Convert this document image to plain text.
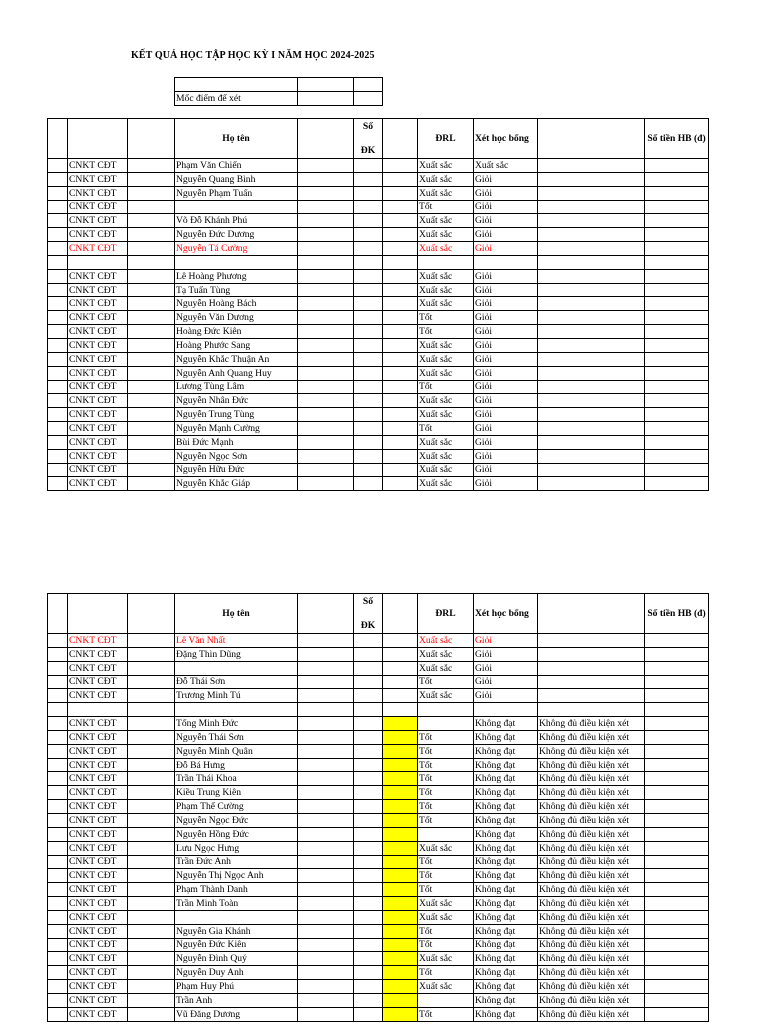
KẾT QUẢ HỌC TẬP HỌC KỲ I NĂM HỌC 2024-2025

Mốc điểm để xét		
			Họ tên		Số
ĐK		ĐRL	Xét học bổng		Số tiền HB (đ)
	CNKT CĐT		Phạm Văn Chiến				Xuất sắc	Xuất sắc		
	CNKT CĐT		Nguyễn Quang Bình				Xuất sắc	Giỏi		
	CNKT CĐT		Nguyễn Phạm Tuấn				Xuất sắc	Giỏi		
	CNKT CĐT						Tốt	Giỏi		
	CNKT CĐT		Võ Đỗ Khánh Phú				Xuất sắc	Giỏi		
	CNKT CĐT		Nguyễn Đức Dương				Xuất sắc	Giỏi		
	CNKT CĐT		Nguyễn Tá Cường				Xuất sắc	Giỏi		

	CNKT CĐT		Lê Hoàng Phương				Xuất sắc	Giỏi		
	CNKT CĐT		Tạ Tuấn Tùng				Xuất sắc	Giỏi		
	CNKT CĐT		Nguyễn Hoàng Bách				Xuất sắc	Giỏi		
	CNKT CĐT		Nguyễn Văn Dương				Tốt	Giỏi		
	CNKT CĐT		Hoàng Đức Kiên				Tốt	Giỏi		
	CNKT CĐT		Hoàng Phước Sang				Xuất sắc	Giỏi		
	CNKT CĐT		Nguyễn Khắc Thuận An				Xuất sắc	Giỏi		
	CNKT CĐT		Nguyễn Anh Quang Huy				Xuất sắc	Giỏi		
	CNKT CĐT		Lương Tùng Lâm				Tốt	Giỏi		
	CNKT CĐT		Nguyễn Nhân Đức				Xuất sắc	Giỏi		
	CNKT CĐT		Nguyễn Trung Tùng				Xuất sắc	Giỏi		
	CNKT CĐT		Nguyễn Mạnh Cường				Tốt	Giỏi		
	CNKT CĐT		Bùi Đức Mạnh				Xuất sắc	Giỏi		
	CNKT CĐT		Nguyễn Ngọc Sơn				Xuất sắc	Giỏi		
	CNKT CĐT		Nguyễn Hữu Đức				Xuất sắc	Giỏi		
	CNKT CĐT		Nguyễn Khắc Giáp				Xuất sắc	Giỏi		
			Họ tên		Số
ĐK		ĐRL	Xét học bổng		Số tiền HB (đ)
	CNKT CĐT		Lê Văn Nhất				Xuất sắc	Giỏi		
	CNKT CĐT		Đặng Thìn Dũng				Xuất sắc	Giỏi		
	CNKT CĐT						Xuất sắc	Giỏi		
	CNKT CĐT		Đỗ Thái Sơn				Tốt	Giỏi		
	CNKT CĐT		Trương Minh Tú				Xuất sắc	Giỏi		

	CNKT CĐT		Tống Minh Đức					Không đạt	Không đủ điều kiện xét	
	CNKT CĐT		Nguyễn Thái Sơn				Tốt	Không đạt	Không đủ điều kiện xét	
	CNKT CĐT		Nguyễn Minh Quân				Tốt	Không đạt	Không đủ điều kiện xét	
	CNKT CĐT		Đỗ Bá Hưng				Tốt	Không đạt	Không đủ điều kiện xét	
	CNKT CĐT		Trần Thái Khoa				Tốt	Không đạt	Không đủ điều kiện xét	
	CNKT CĐT		Kiều Trung Kiên				Tốt	Không đạt	Không đủ điều kiện xét	
	CNKT CĐT		Phạm Thế Cường				Tốt	Không đạt	Không đủ điều kiện xét	
	CNKT CĐT		Nguyễn Ngọc Đức				Tốt	Không đạt	Không đủ điều kiện xét	
	CNKT CĐT		Nguyễn Hồng Đức					Không đạt	Không đủ điều kiện xét	
	CNKT CĐT		Lưu Ngọc Hưng				Xuất sắc	Không đạt	Không đủ điều kiện xét	
	CNKT CĐT		Trần Đức Anh				Tốt	Không đạt	Không đủ điều kiện xét	
	CNKT CĐT		Nguyễn Thị Ngọc Anh				Tốt	Không đạt	Không đủ điều kiện xét	
	CNKT CĐT		Phạm Thành Danh				Tốt	Không đạt	Không đủ điều kiện xét	
	CNKT CĐT		Trần Minh Toàn				Xuất sắc	Không đạt	Không đủ điều kiện xét	
	CNKT CĐT						Xuất sắc	Không đạt	Không đủ điều kiện xét	
	CNKT CĐT		Nguyễn Gia Khánh				Tốt	Không đạt	Không đủ điều kiện xét	
	CNKT CĐT		Nguyễn Đức Kiên				Tốt	Không đạt	Không đủ điều kiện xét	
	CNKT CĐT		Nguyễn Đình Quý				Xuất sắc	Không đạt	Không đủ điều kiện xét	
	CNKT CĐT		Nguyễn Duy Anh				Tốt	Không đạt	Không đủ điều kiện xét	
	CNKT CĐT		Phạm Huy Phú				Xuất sắc	Không đạt	Không đủ điều kiện xét	
	CNKT CĐT		Trần Anh					Không đạt	Không đủ điều kiện xét	
	CNKT CĐT		Vũ Đăng Dương				Tốt	Không đạt	Không đủ điều kiện xét	
